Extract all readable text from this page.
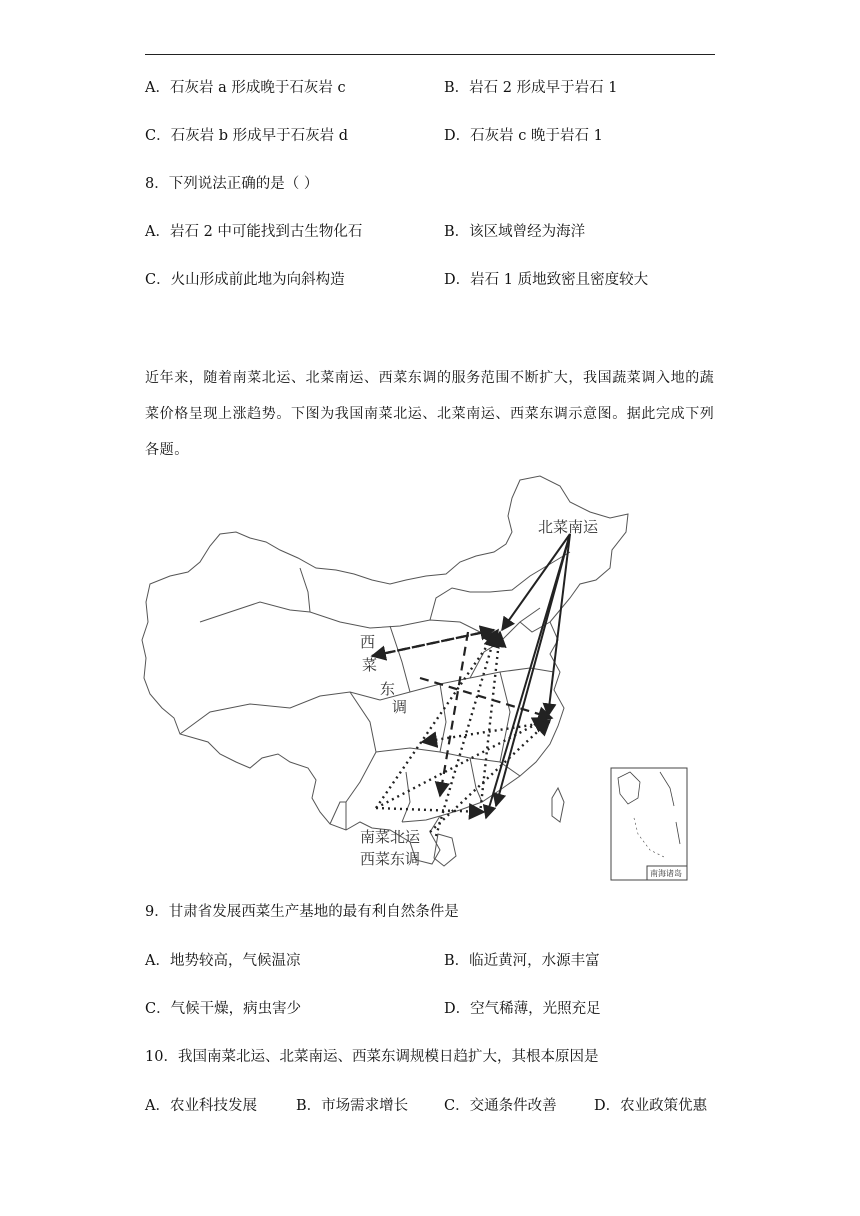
A．石灰岩 a 形成晚于石灰岩 c	B．岩石 2 形成早于岩石 1
C．石灰岩 b 形成早于石灰岩 d	D．石灰岩 c 晚于岩石 1
8．下列说法正确的是（ ）
A．岩石 2 中可能找到古生物化石	B．该区域曾经为海洋
C．火山形成前此地为向斜构造	D．岩石 1 质地致密且密度较大
近年来，随着南菜北运、北菜南运、西菜东调的服务范围不断扩大，我国蔬菜调入地的蔬菜价格呈现上涨趋势。下图为我国南菜北运、北菜南运、西菜东调示意图。据此完成下列各题。
南海诸岛
北菜南运
西
菜
东
调
南菜北运
西菜东调
9．甘肃省发展西菜生产基地的最有利自然条件是
A．地势较高，气候温凉	B．临近黄河，水源丰富
C．气候干燥，病虫害少	D．空气稀薄，光照充足
10．我国南菜北运、北菜南运、西菜东调规模日趋扩大，其根本原因是
A．农业科技发展	B．市场需求增长 C．交通条件改善	D．农业政策优惠
